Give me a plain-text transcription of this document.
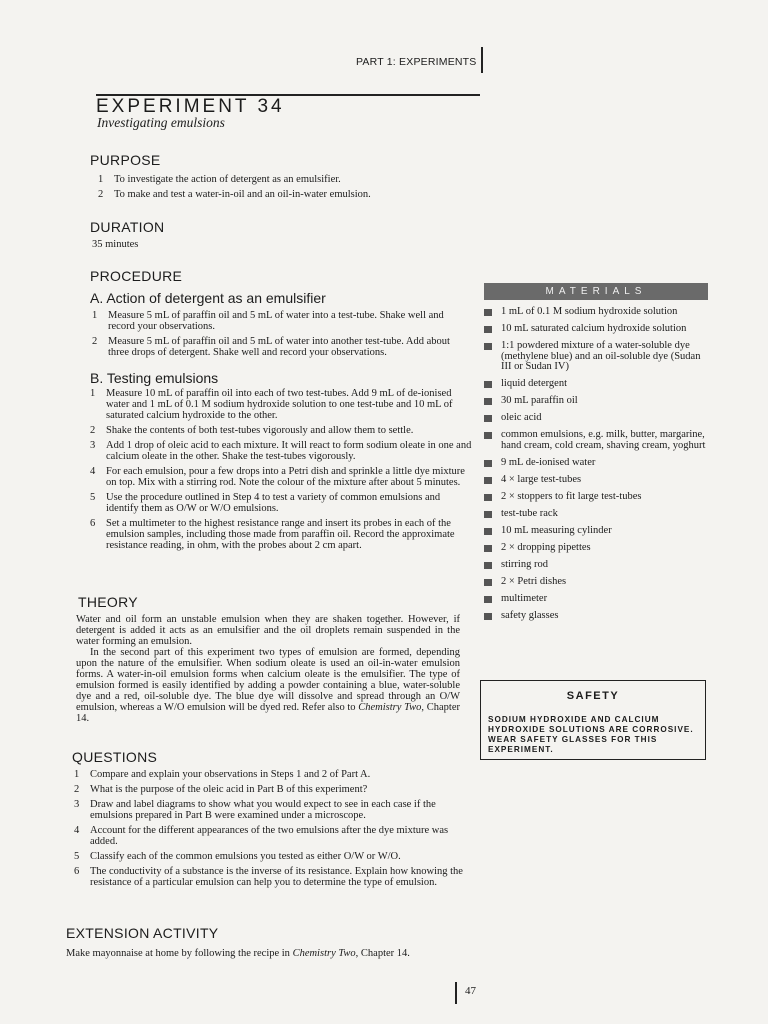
PART 1: EXPERIMENTS
EXPERIMENT 34
Investigating emulsions
PURPOSE
1 To investigate the action of detergent as an emulsifier.
2 To make and test a water-in-oil and an oil-in-water emulsion.
DURATION
35 minutes
PROCEDURE
A. Action of detergent as an emulsifier
1 Measure 5 mL of paraffin oil and 5 mL of water into a test-tube. Shake well and record your observations.
2 Measure 5 mL of paraffin oil and 5 mL of water into another test-tube. Add about three drops of detergent. Shake well and record your observations.
B. Testing emulsions
1 Measure 10 mL of paraffin oil into each of two test-tubes. Add 9 mL of de-ionised water and 1 mL of 0.1 M sodium hydroxide solution to one test-tube and 10 mL of saturated calcium hydroxide to the other.
2 Shake the contents of both test-tubes vigorously and allow them to settle.
3 Add 1 drop of oleic acid to each mixture. It will react to form sodium oleate in one and calcium oleate in the other. Shake the test-tubes vigorously.
4 For each emulsion, pour a few drops into a Petri dish and sprinkle a little dye mixture on top. Mix with a stirring rod. Note the colour of the mixture after about 5 minutes.
5 Use the procedure outlined in Step 4 to test a variety of common emulsions and identify them as O/W or W/O emulsions.
6 Set a multimeter to the highest resistance range and insert its probes in each of the emulsion samples, including those made from paraffin oil. Record the approximate resistance reading, in ohm, with the probes about 2 cm apart.
THEORY

Water and oil form an unstable emulsion when they are shaken together. However, if detergent is added it acts as an emulsifier and the oil droplets remain suspended in the water forming an emulsion.

In the second part of this experiment two types of emulsion are formed, depending upon the nature of the emulsifier. When sodium oleate is used an oil-in-water emulsion forms. A water-in-oil emulsion forms when calcium oleate is the emulsifier. The type of emulsion formed is easily identified by adding a powder containing a blue, water-soluble dye and a red, oil-soluble dye. The blue dye will dissolve and spread through an O/W emulsion, whereas a W/O emulsion will be dyed red. Refer also to Chemistry Two, Chapter 14.

QUESTIONS
1 Compare and explain your observations in Steps 1 and 2 of Part A.
2 What is the purpose of the oleic acid in Part B of this experiment?
3 Draw and label diagrams to show what you would expect to see in each case if the emulsions prepared in Part B were examined under a microscope.
4 Account for the different appearances of the two emulsions after the dye mixture was added.
5 Classify each of the common emulsions you tested as either O/W or W/O.
6 The conductivity of a substance is the inverse of its resistance. Explain how knowing the resistance of a particular emulsion can help you to determine the type of emulsion.
EXTENSION ACTIVITY
Make mayonnaise at home by following the recipe in Chemistry Two, Chapter 14.
MATERIALS
1 mL of 0.1 M sodium hydroxide solution
10 mL saturated calcium hydroxide solution
1:1 powdered mixture of a water-soluble dye (methylene blue) and an oil-soluble dye (Sudan III or Sudan IV)
liquid detergent
30 mL paraffin oil
oleic acid
common emulsions, e.g. milk, butter, margarine, hand cream, cold cream, shaving cream, yoghurt
9 mL de-ionised water
4 × large test-tubes
2 × stoppers to fit large test-tubes
test-tube rack
10 mL measuring cylinder
2 × dropping pipettes
stirring rod
2 × Petri dishes
multimeter
safety glasses
SAFETY
SODIUM HYDROXIDE AND CALCIUM HYDROXIDE SOLUTIONS ARE CORROSIVE. WEAR SAFETY GLASSES FOR THIS EXPERIMENT.
47
